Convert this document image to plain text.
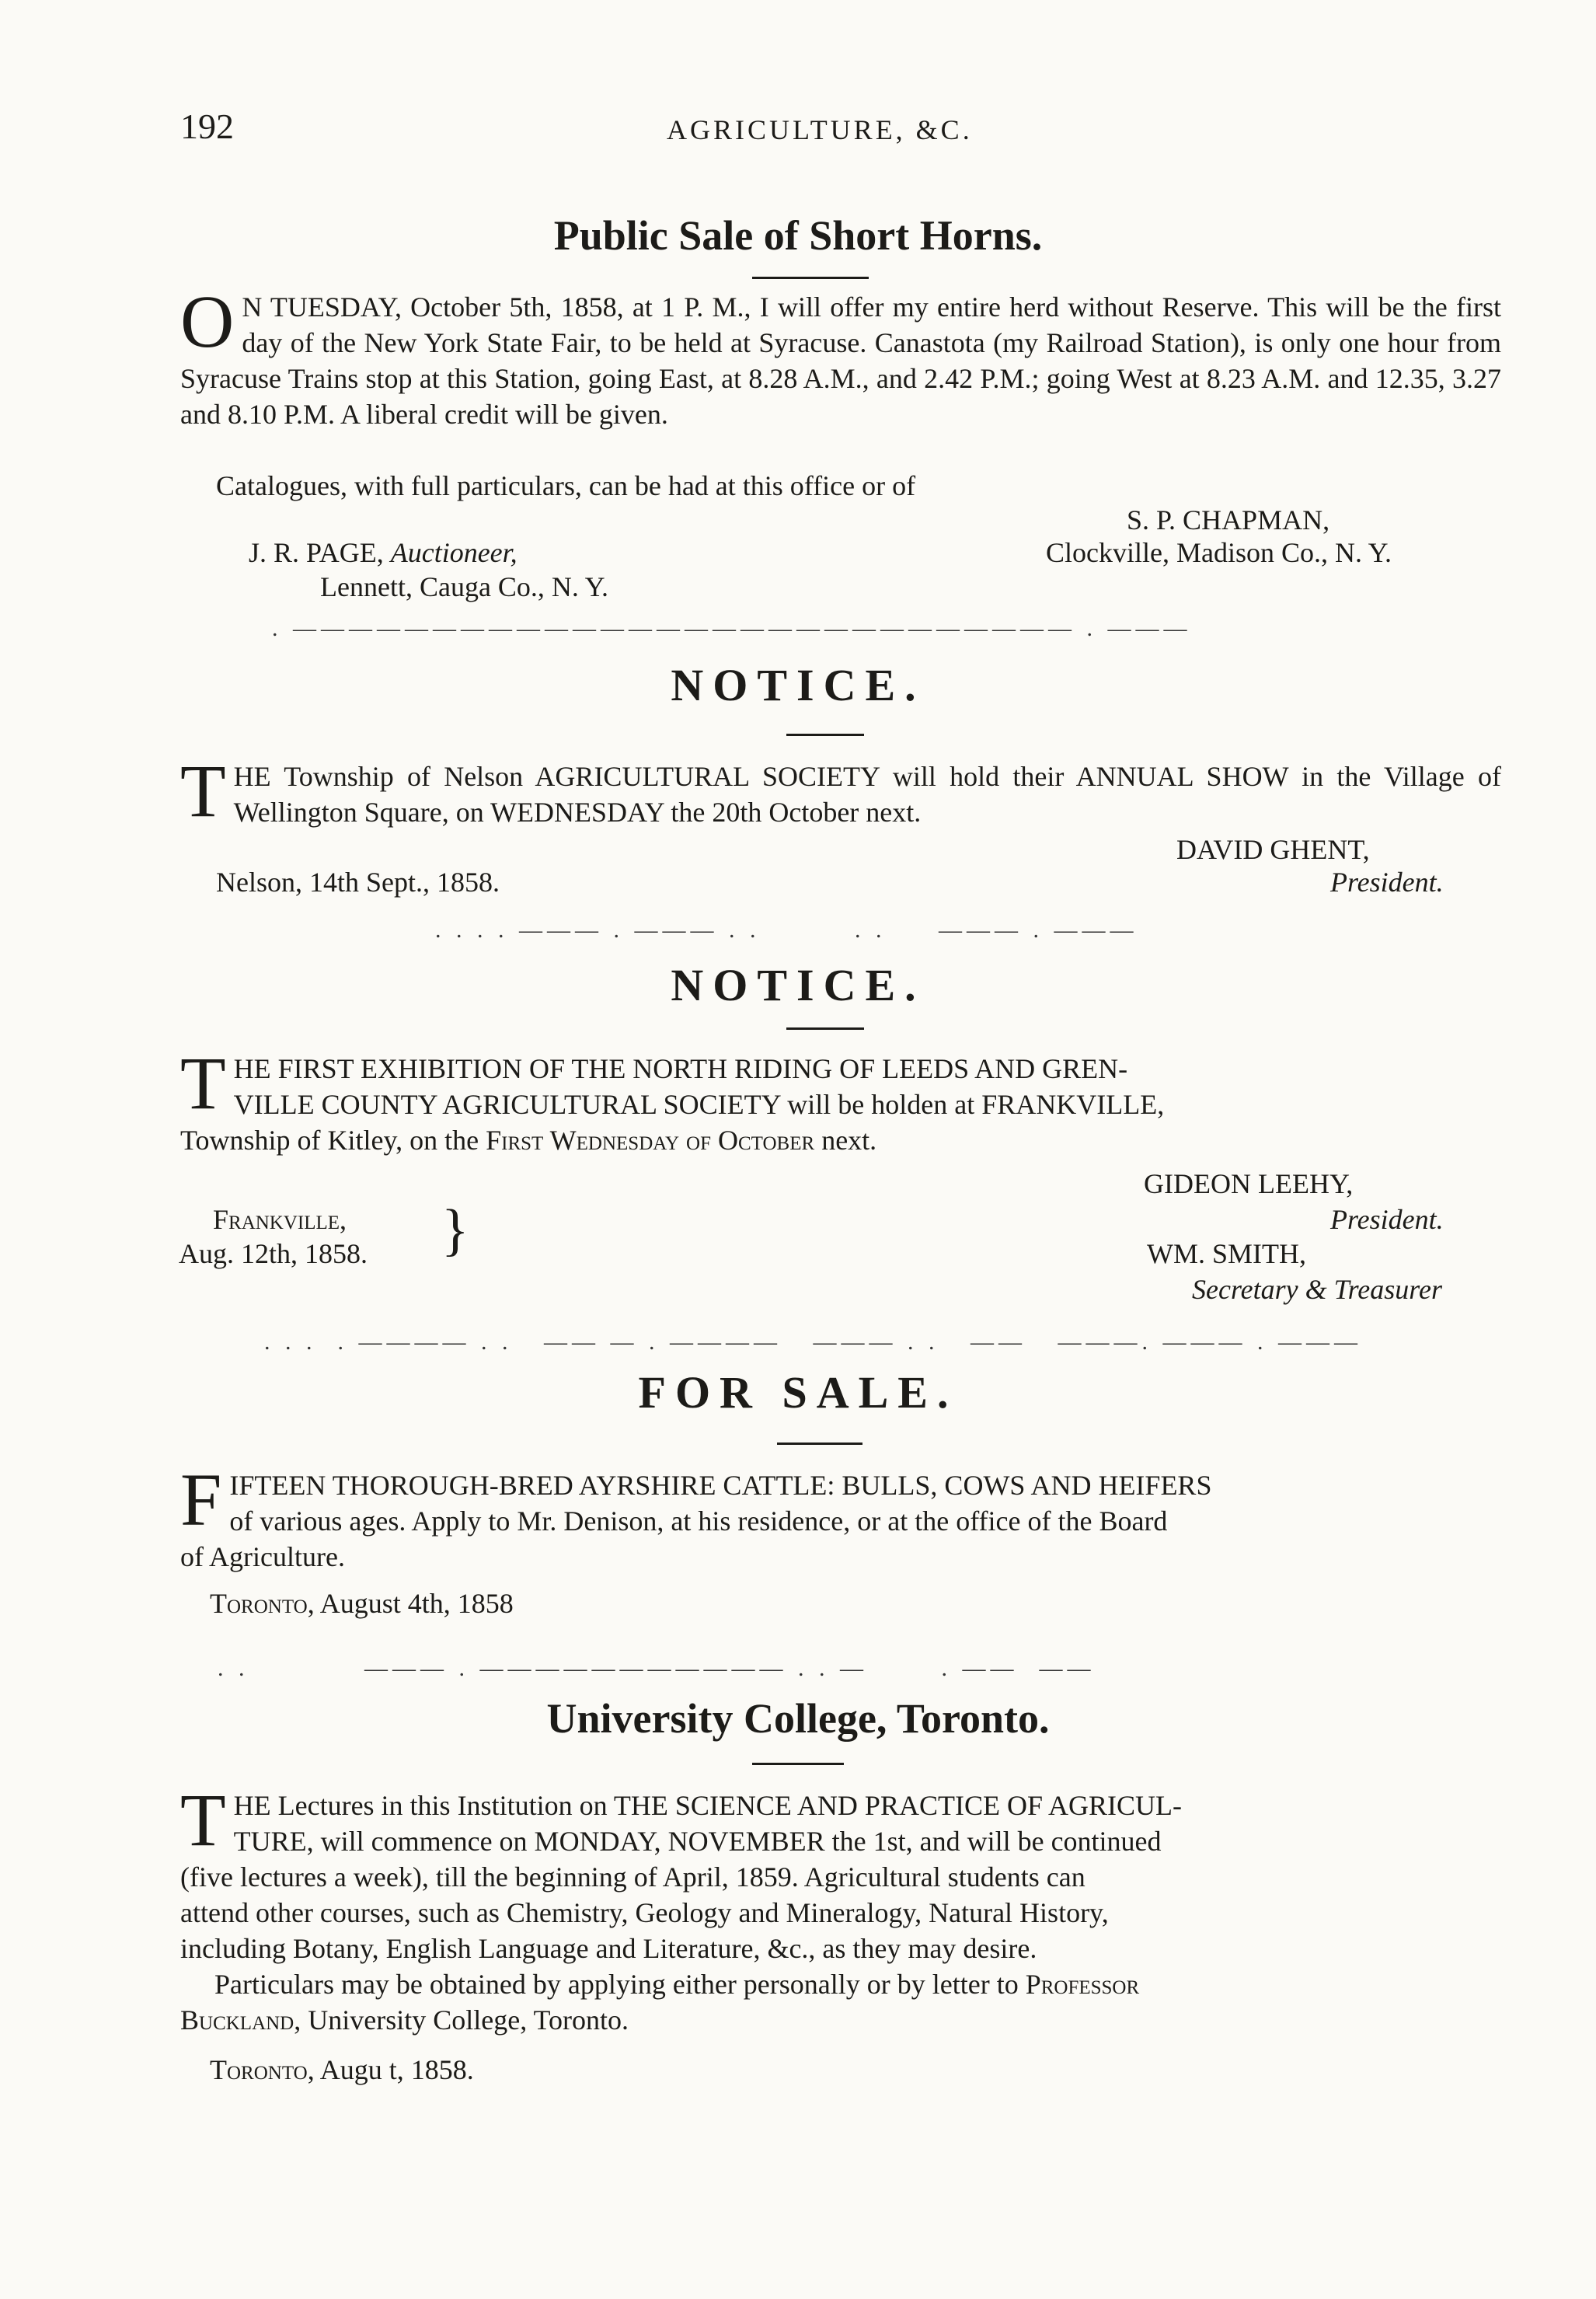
192	AGRICULTURE, &C.
Public Sale of Short Horns.
O N TUESDAY, October 5th, 1858, at 1 P. M., I will offer my entire herd without Reserve. This will be the first day of the New York State Fair, to be held at Syracuse. Canastota (my Railroad Station), is only one hour from Syracuse Trains stop at this Station, going East, at 8.28 A.M., and 2.42 P.M.; going West at 8.23 A.M. and 12.35, 3.27 and 8.10 P.M. A liberal credit will be given.
Catalogues, with full particulars, can be had at this office or of
S. P. CHAPMAN,
J. R. PAGE, Auctioneer,	Clockville, Madison Co., N. Y.
Lennett, Cauga Co., N. Y.
. ———————————————————————————— . ———
NOTICE.
THE Township of Nelson AGRICULTURAL SOCIETY will hold their ANNUAL SHOW in the Village of Wellington Square, on WEDNESDAY the 20th October next.
DAVID GHENT,
Nelson, 14th Sept., 1858.	President.
. . . . ——— . ——— . .         . .     ——— . ———
NOTICE.
T HE FIRST EXHIBITION OF THE NORTH RIDING OF LEEDS AND GREN-
VILLE COUNTY AGRICULTURAL SOCIETY will be holden at FRANKVILLE,
Township of Kitley, on the First Wednesday of October next.
GIDEON LEEHY,
Frankville, }	President.
Aug. 12th, 1858.	WM. SMITH,
Secretary & Treasurer
. . .  . ———— . .   —— — . ————   ——— . .   ——   ———. ——— . ———
FOR SALE.
F IFTEEN THOROUGH-BRED AYRSHIRE CATTLE: BULLS, COWS AND HEIFERS
of various ages. Apply to Mr. Denison, at his residence, or at the office of the Board
of Agriculture.
Toronto, August 4th, 1858
. .           ——— . ——————————— . . —       . ——  ——
University College, Toronto.
T HE Lectures in this Institution on THE SCIENCE AND PRACTICE OF AGRICUL-
TURE, will commence on MONDAY, NOVEMBER the 1st, and will be continued
(five lectures a week), till the beginning of April, 1859. Agricultural students can
attend other courses, such as Chemistry, Geology and Mineralogy, Natural History,
including Botany, English Language and Literature, &c., as they may desire.
Particulars may be obtained by applying either personally or by letter to Professor
Buckland, University College, Toronto.
Toronto, Augu t, 1858.
